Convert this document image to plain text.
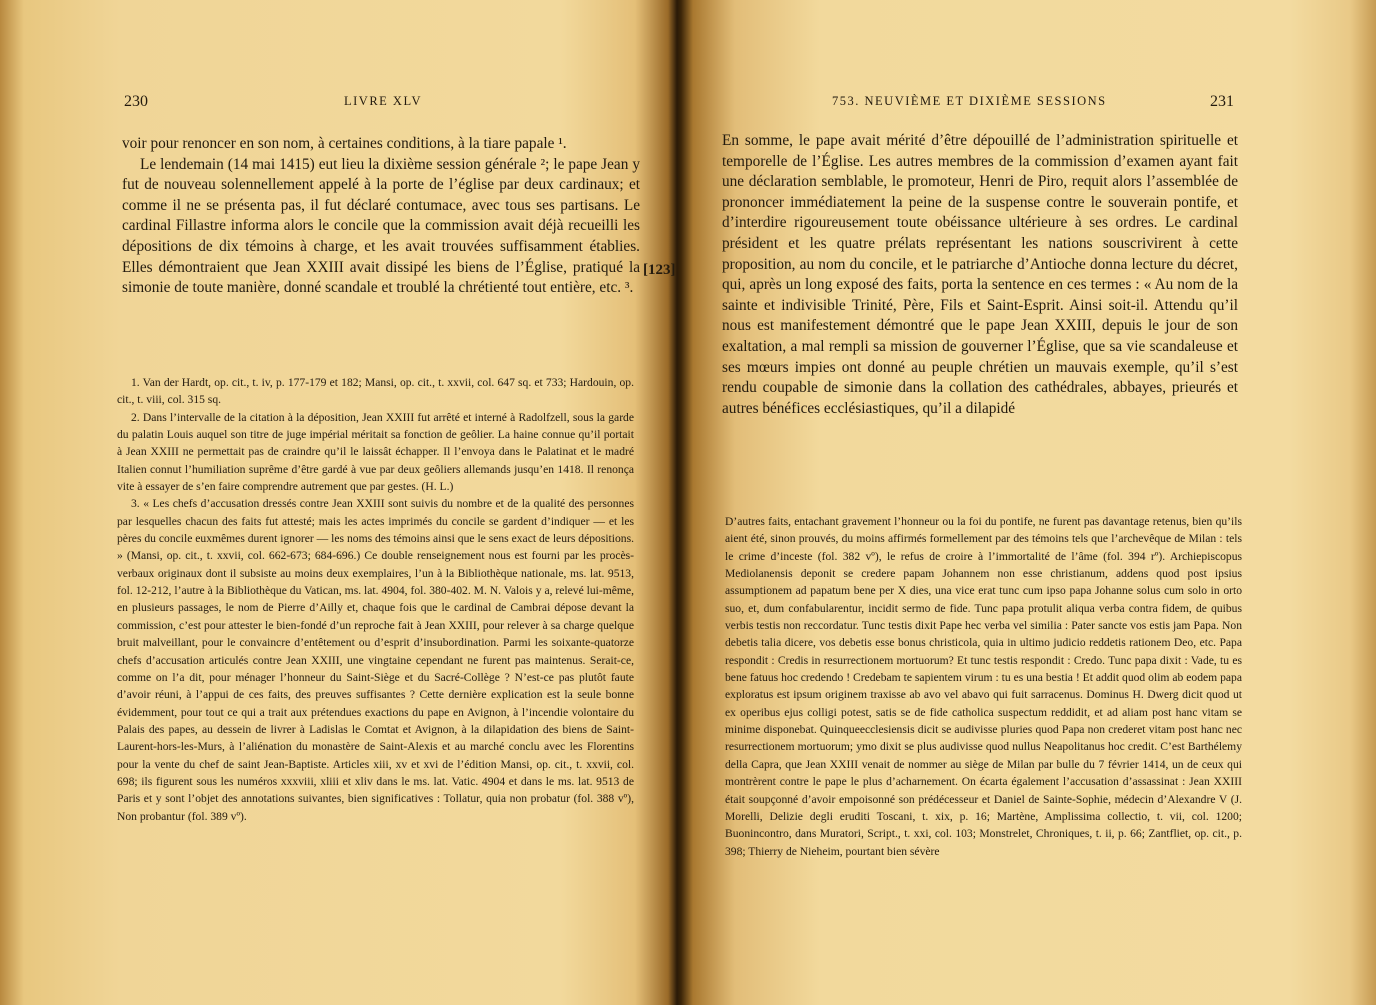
230	LIVRE XLV
[123]

voir pour renoncer en son nom, à certaines conditions, à la tiare papale ¹.

Le lendemain (14 mai 1415) eut lieu la dixième session générale ²; le pape Jean y fut de nouveau solennellement appelé à la porte de l’église par deux cardinaux; et comme il ne se présenta pas, il fut déclaré contumace, avec tous ses partisans. Le cardinal Fillastre informa alors le concile que la commission avait déjà recueilli les dépositions de dix témoins à charge, et les avait trouvées suffisamment établies. Elles démontraient que Jean XXIII avait dissipé les biens de l’Église, pratiqué la simonie de toute manière, donné scandale et troublé la chrétienté tout entière, etc. ³.

1. Van der Hardt, op. cit., t. iv, p. 177-179 et 182; Mansi, op. cit., t. xxvii, col. 647 sq. et 733; Hardouin, op. cit., t. viii, col. 315 sq.

2. Dans l’intervalle de la citation à la déposition, Jean XXIII fut arrêté et interné à Radolfzell, sous la garde du palatin Louis auquel son titre de juge impérial méritait sa fonction de geôlier. La haine connue qu’il portait à Jean XXIII ne permettait pas de craindre qu’il le laissât échapper. Il l’envoya dans le Palatinat et le madré Italien connut l’humiliation suprême d’être gardé à vue par deux geôliers allemands jusqu’en 1418. Il renonça vite à essayer de s’en faire comprendre autrement que par gestes. (H. L.)

3. « Les chefs d’accusation dressés contre Jean XXIII sont suivis du nombre et de la qualité des personnes par lesquelles chacun des faits fut attesté; mais les actes imprimés du concile se gardent d’indiquer — et les pères du concile euxmêmes durent ignorer — les noms des témoins ainsi que le sens exact de leurs dépositions. » (Mansi, op. cit., t. xxvii, col. 662-673; 684-696.) Ce double renseignement nous est fourni par les procès-verbaux originaux dont il subsiste au moins deux exemplaires, l’un à la Bibliothèque nationale, ms. lat. 9513, fol. 12-212, l’autre à la Bibliothèque du Vatican, ms. lat. 4904, fol. 380-402. M. N. Valois y a, relevé lui-même, en plusieurs passages, le nom de Pierre d’Ailly et, chaque fois que le cardinal de Cambrai dépose devant la commission, c’est pour attester le bien-fondé d’un reproche fait à Jean XXIII, pour relever à sa charge quelque bruit malveillant, pour le convaincre d’entêtement ou d’esprit d’insubordination. Parmi les soixante-quatorze chefs d’accusation articulés contre Jean XXIII, une vingtaine cependant ne furent pas maintenus. Serait-ce, comme on l’a dit, pour ménager l’honneur du Saint-Siège et du Sacré-Collège ? N’est-ce pas plutôt faute d’avoir réuni, à l’appui de ces faits, des preuves suffisantes ? Cette dernière explication est la seule bonne évidemment, pour tout ce qui a trait aux prétendues exactions du pape en Avignon, à l’incendie volontaire du Palais des papes, au dessein de livrer à Ladislas le Comtat et Avignon, à la dilapidation des biens de Saint-Laurent-hors-les-Murs, à l’aliénation du monastère de Saint-Alexis et au marché conclu avec les Florentins pour la vente du chef de saint Jean-Baptiste. Articles xiii, xv et xvi de l’édition Mansi, op. cit., t. xxvii, col. 698; ils figurent sous les numéros xxxviii, xliii et xliv dans le ms. lat. Vatic. 4904 et dans le ms. lat. 9513 de Paris et y sont l’objet des annotations suivantes, bien significatives : Tollatur, quia non probatur (fol. 388 vº), Non probantur (fol. 389 vº).

753. NEUVIÈME ET DIXIÈME SESSIONS	231

En somme, le pape avait mérité d’être dépouillé de l’administration spirituelle et temporelle de l’Église. Les autres membres de la commission d’examen ayant fait une déclaration semblable, le promoteur, Henri de Piro, requit alors l’assemblée de prononcer immédiatement la peine de la suspense contre le souverain pontife, et d’interdire rigoureusement toute obéissance ultérieure à ses ordres. Le cardinal président et les quatre prélats représentant les nations souscrivirent à cette proposition, au nom du concile, et le patriarche d’Antioche donna lecture du décret, qui, après un long exposé des faits, porta la sentence en ces termes : « Au nom de la sainte et indivisible Trinité, Père, Fils et Saint-Esprit. Ainsi soit-il. Attendu qu’il nous est manifestement démontré que le pape Jean XXIII, depuis le jour de son exaltation, a mal rempli sa mission de gouverner l’Église, que sa vie scandaleuse et ses mœurs impies ont donné au peuple chrétien un mauvais exemple, qu’il s’est rendu coupable de simonie dans la collation des cathédrales, abbayes, prieurés et autres bénéfices ecclésiastiques, qu’il a dilapidé

D’autres faits, entachant gravement l’honneur ou la foi du pontife, ne furent pas davantage retenus, bien qu’ils aient été, sinon prouvés, du moins affirmés formellement par des témoins tels que l’archevêque de Milan : tels le crime d’inceste (fol. 382 vº), le refus de croire à l’immortalité de l’âme (fol. 394 rº). Archiepiscopus Mediolanensis deponit se credere papam Johannem non esse christianum, addens quod post ipsius assumptionem ad papatum bene per X dies, una vice erat tunc cum ipso papa Johanne solus cum solo in orto suo, et, dum confabularentur, incidit sermo de fide. Tunc papa protulit aliqua verba contra fidem, de quibus verbis testis non reccordatur. Tunc testis dixit Pape hec verba vel similia : Pater sancte vos estis jam Papa. Non debetis talia dicere, vos debetis esse bonus christicola, quia in ultimo judicio reddetis rationem Deo, etc. Papa respondit : Credis in resurrectionem mortuorum? Et tunc testis respondit : Credo. Tunc papa dixit : Vade, tu es bene fatuus hoc credendo ! Credebam te sapientem virum : tu es una bestia ! Et addit quod olim ab eodem papa exploratus est ipsum originem traxisse ab avo vel abavo qui fuit sarracenus. Dominus H. Dwerg dicit quod ut ex operibus ejus colligi potest, satis se de fide catholica suspectum reddidit, et ad aliam post hanc vitam se minime disponebat. Quinqueecclesiensis dicit se audivisse pluries quod Papa non crederet vitam post hanc nec resurrectionem mortuorum; ymo dixit se plus audivisse quod nullus Neapolitanus hoc credit. C’est Barthélemy della Capra, que Jean XXIII venait de nommer au siège de Milan par bulle du 7 février 1414, un de ceux qui montrèrent contre le pape le plus d’acharnement. On écarta également l’accusation d’assassinat : Jean XXIII était soupçonné d’avoir empoisonné son prédécesseur et Daniel de Sainte-Sophie, médecin d’Alexandre V (J. Morelli, Delizie degli eruditi Toscani, t. xix, p. 16; Martène, Amplissima collectio, t. vii, col. 1200; Buonincontro, dans Muratori, Script., t. xxi, col. 103; Monstrelet, Chroniques, t. ii, p. 66; Zantfliet, op. cit., p. 398; Thierry de Nieheim, pourtant bien sévère
